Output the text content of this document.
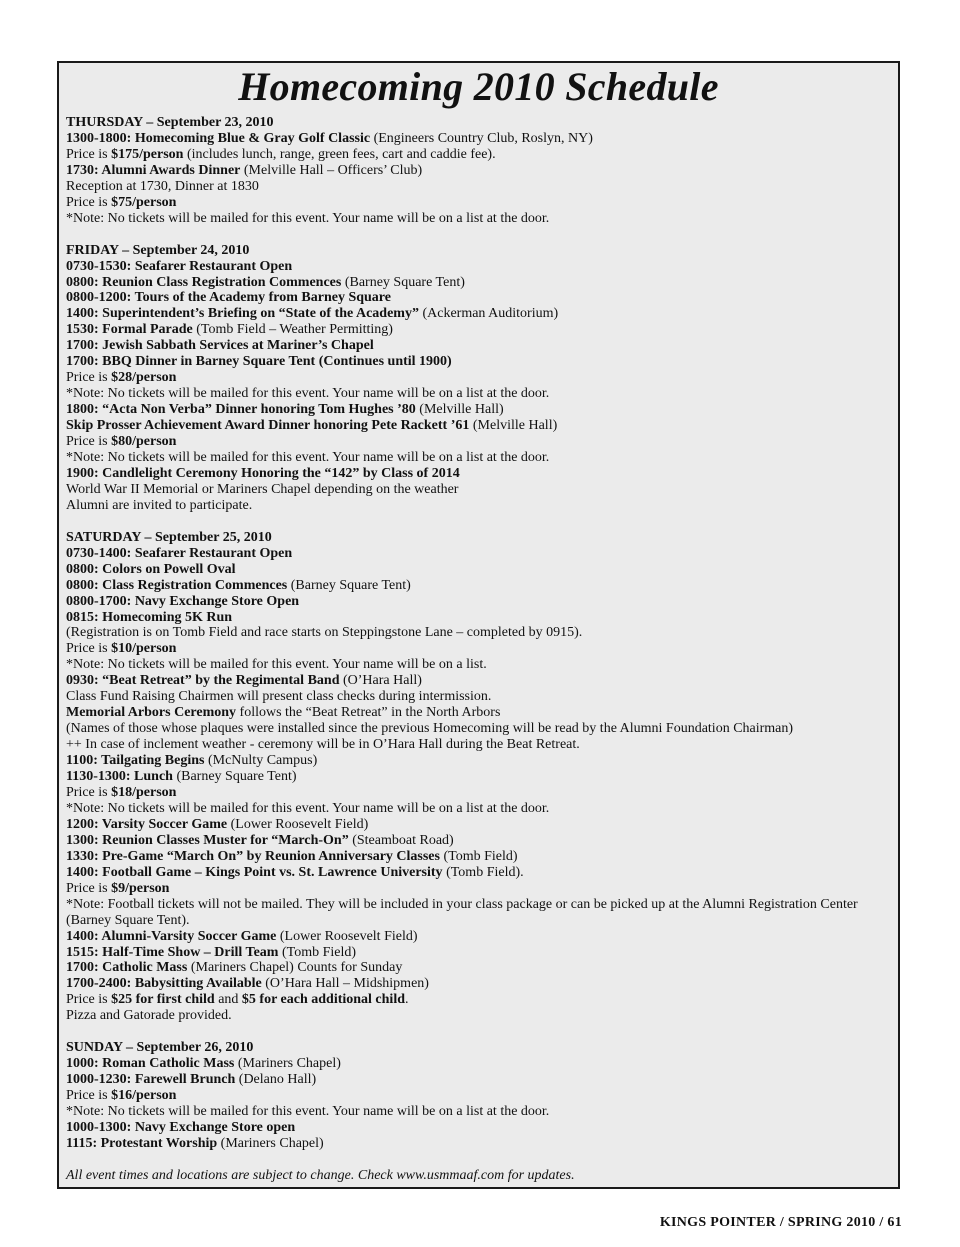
Homecoming 2010 Schedule
THURSDAY – September 23, 2010
1300-1800: Homecoming Blue & Gray Golf Classic (Engineers Country Club, Roslyn, NY)
Price is $175/person (includes lunch, range, green fees, cart and caddie fee).
1730: Alumni Awards Dinner (Melville Hall – Officers’ Club)
Reception at 1730, Dinner at 1830
Price is $75/person
*Note: No tickets will be mailed for this event. Your name will be on a list at the door.
FRIDAY – September 24, 2010
0730-1530: Seafarer Restaurant Open
0800: Reunion Class Registration Commences (Barney Square Tent)
0800-1200: Tours of the Academy from Barney Square
1400: Superintendent’s Briefing on “State of the Academy” (Ackerman Auditorium)
1530: Formal Parade (Tomb Field – Weather Permitting)
1700: Jewish Sabbath Services at Mariner’s Chapel
1700: BBQ Dinner in Barney Square Tent (Continues until 1900)
Price is $28/person
*Note: No tickets will be mailed for this event. Your name will be on a list at the door.
1800: “Acta Non Verba” Dinner honoring Tom Hughes ’80 (Melville Hall)
Skip Prosser Achievement Award Dinner honoring Pete Rackett ’61 (Melville Hall)
Price is $80/person
*Note: No tickets will be mailed for this event. Your name will be on a list at the door.
1900: Candlelight Ceremony Honoring the “142” by Class of 2014
World War II Memorial or Mariners Chapel depending on the weather
Alumni are invited to participate.
SATURDAY – September 25, 2010
0730-1400: Seafarer Restaurant Open
0800: Colors on Powell Oval
0800: Class Registration Commences (Barney Square Tent)
0800-1700: Navy Exchange Store Open
0815: Homecoming 5K Run
(Registration is on Tomb Field and race starts on Steppingstone Lane – completed by 0915).
Price is $10/person
*Note: No tickets will be mailed for this event. Your name will be on a list.
0930: “Beat Retreat” by the Regimental Band (O’Hara Hall)
Class Fund Raising Chairmen will present class checks during intermission.
Memorial Arbors Ceremony follows the “Beat Retreat” in the North Arbors
(Names of those whose plaques were installed since the previous Homecoming will be read by the Alumni Foundation Chairman)
++ In case of inclement weather - ceremony will be in O’Hara Hall during the Beat Retreat.
1100: Tailgating Begins (McNulty Campus)
1130-1300: Lunch (Barney Square Tent)
Price is $18/person
*Note: No tickets will be mailed for this event. Your name will be on a list at the door.
1200: Varsity Soccer Game (Lower Roosevelt Field)
1300: Reunion Classes Muster for “March-On” (Steamboat Road)
1330: Pre-Game “March On” by Reunion Anniversary Classes (Tomb Field)
1400: Football Game – Kings Point vs. St. Lawrence University (Tomb Field).
Price is $9/person
*Note: Football tickets will not be mailed. They will be included in your class package or can be picked up at the Alumni Registration Center
(Barney Square Tent).
1400: Alumni-Varsity Soccer Game (Lower Roosevelt Field)
1515: Half-Time Show – Drill Team (Tomb Field)
1700: Catholic Mass (Mariners Chapel) Counts for Sunday
1700-2400: Babysitting Available (O’Hara Hall – Midshipmen)
Price is $25 for first child and $5 for each additional child.
Pizza and Gatorade provided.
SUNDAY – September 26, 2010
1000: Roman Catholic Mass (Mariners Chapel)
1000-1230: Farewell Brunch (Delano Hall)
Price is $16/person
*Note: No tickets will be mailed for this event. Your name will be on a list at the door.
1000-1300: Navy Exchange Store open
1115: Protestant Worship (Mariners Chapel)
All event times and locations are subject to change. Check www.usmmaaf.com for updates.
KINGS POINTER / SPRING 2010 / 61
